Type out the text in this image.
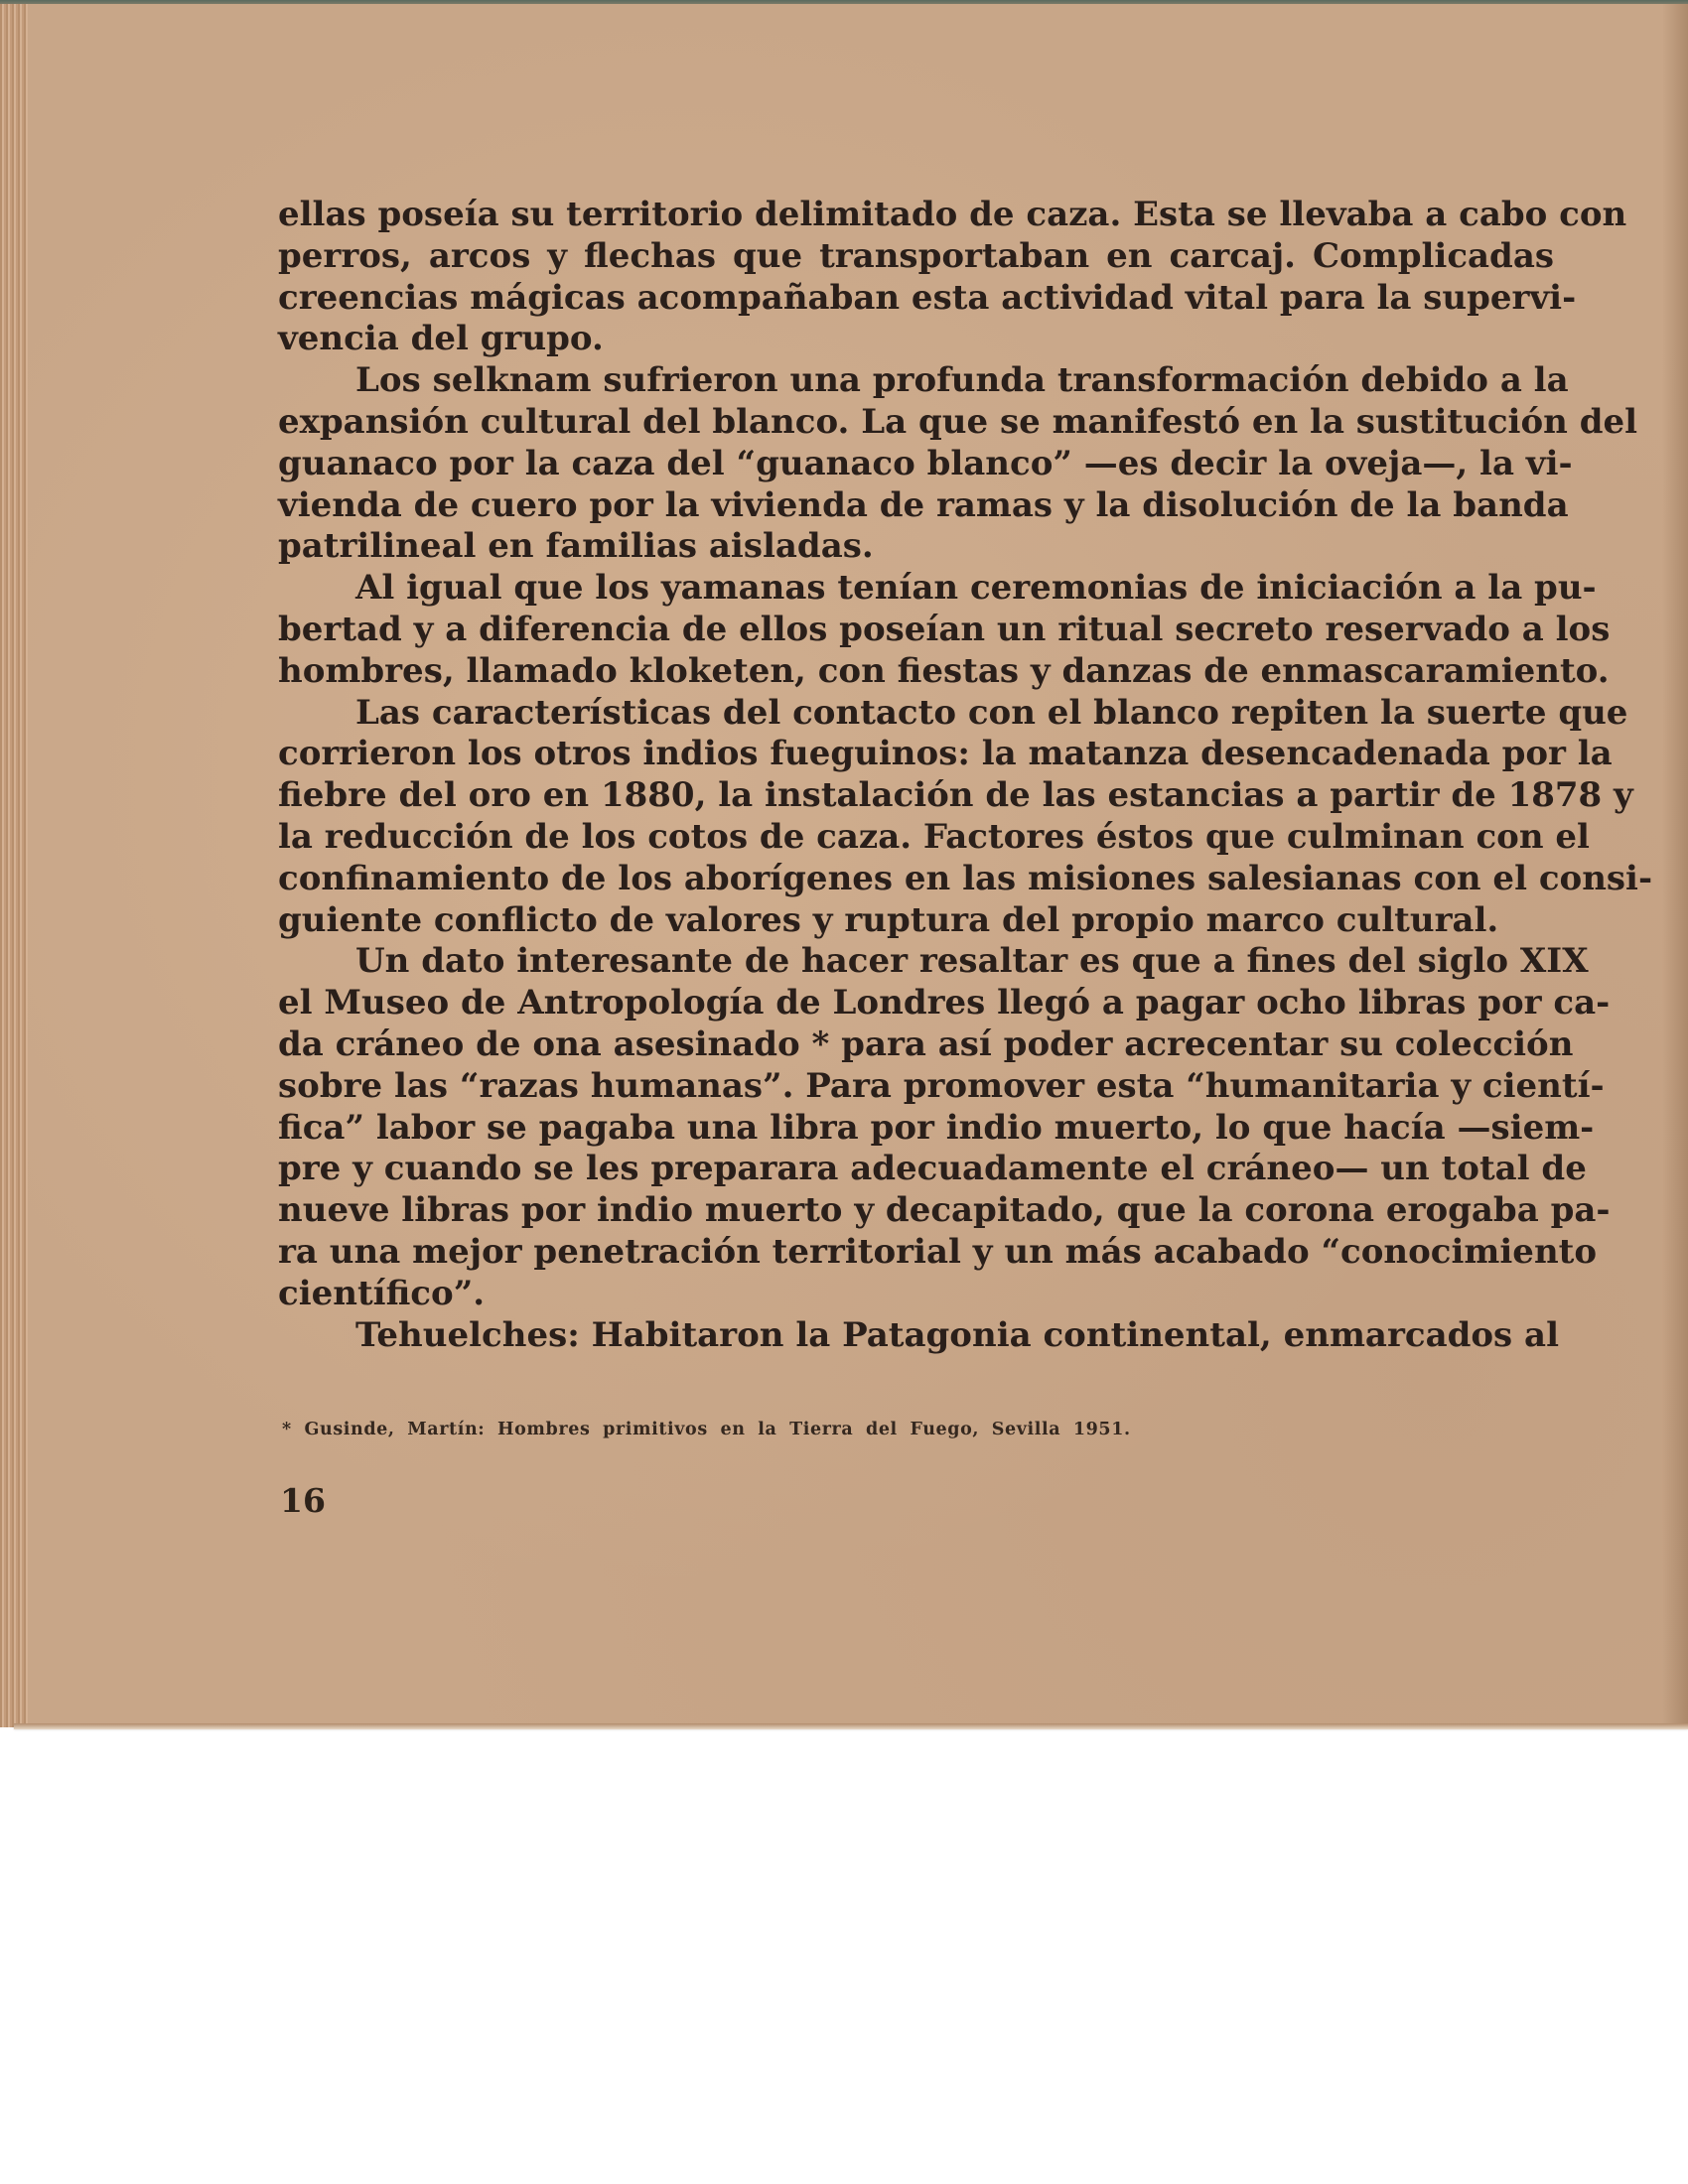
ellas poseía su territorio delimitado de caza. Esta se llevaba a cabo con
perros, arcos y flechas que transportaban en carcaj. Complicadas
creencias mágicas acompañaban esta actividad vital para la supervi-
vencia del grupo.
Los selknam sufrieron una profunda transformación debido a la
expansión cultural del blanco. La que se manifestó en la sustitución del
guanaco por la caza del “guanaco blanco” —es decir la oveja—, la vi-
vienda de cuero por la vivienda de ramas y la disolución de la banda
patrilineal en familias aisladas.
Al igual que los yamanas tenían ceremonias de iniciación a la pu-
bertad y a diferencia de ellos poseían un ritual secreto reservado a los
hombres, llamado kloketen, con fiestas y danzas de enmascaramiento.
Las características del contacto con el blanco repiten la suerte que
corrieron los otros indios fueguinos: la matanza desencadenada por la
fiebre del oro en 1880, la instalación de las estancias a partir de 1878 y
la reducción de los cotos de caza. Factores éstos que culminan con el
confinamiento de los aborígenes en las misiones salesianas con el consi-
guiente conflicto de valores y ruptura del propio marco cultural.
Un dato interesante de hacer resaltar es que a fines del siglo XIX
el Museo de Antropología de Londres llegó a pagar ocho libras por ca-
da cráneo de ona asesinado * para así poder acrecentar su colección
sobre las “razas humanas”. Para promover esta “humanitaria y cientí-
fica” labor se pagaba una libra por indio muerto, lo que hacía —siem-
pre y cuando se les preparara adecuadamente el cráneo— un total de
nueve libras por indio muerto y decapitado, que la corona erogaba pa-
ra una mejor penetración territorial y un más acabado “conocimiento
científico”.
Tehuelches: Habitaron la Patagonia continental, enmarcados al
* Gusinde, Martín: Hombres primitivos en la Tierra del Fuego, Sevilla 1951.
16
